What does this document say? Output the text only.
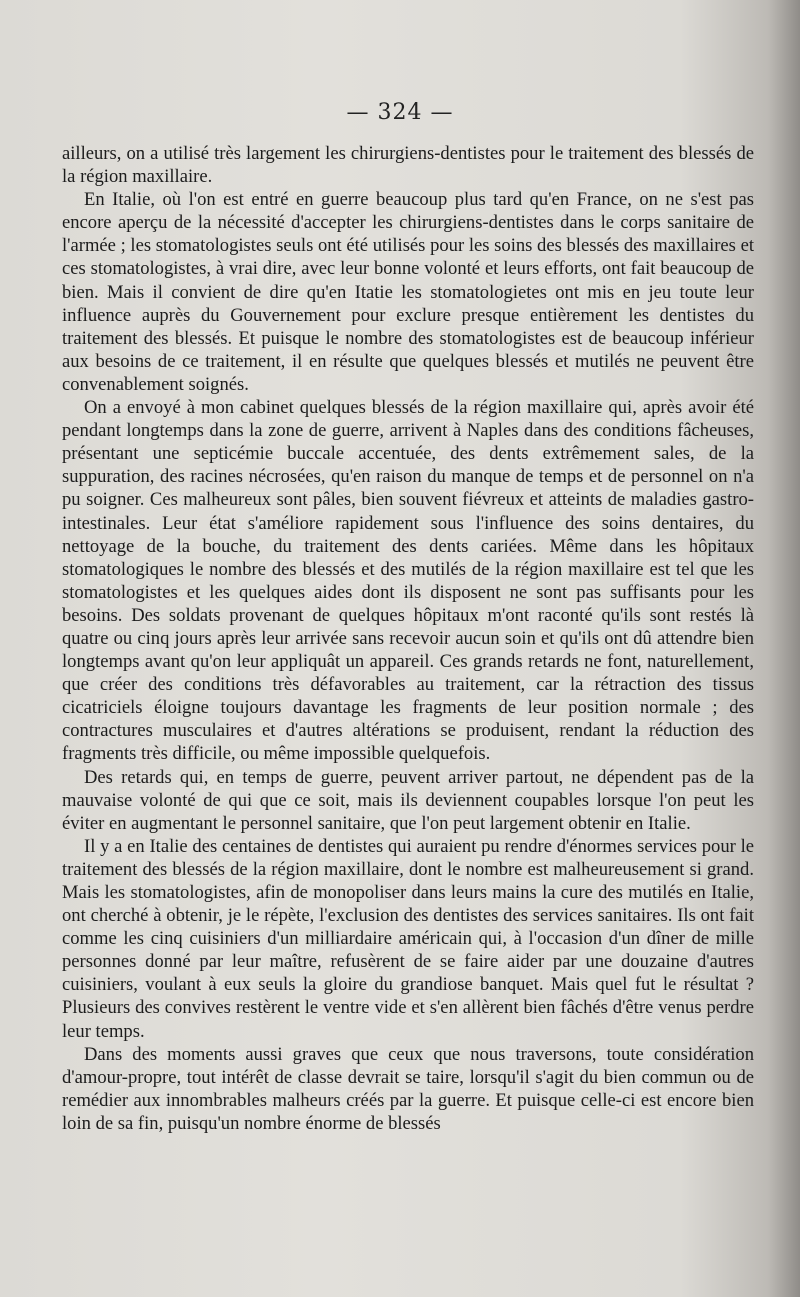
— 324 —

ailleurs, on a utilisé très largement les chirurgiens-dentistes pour le traitement des blessés de la région maxillaire.

En Italie, où l'on est entré en guerre beaucoup plus tard qu'en France, on ne s'est pas encore aperçu de la nécessité d'accepter les chirurgiens-dentistes dans le corps sanitaire de l'armée ; les stomatologistes seuls ont été utilisés pour les soins des blessés des maxillaires et ces stomatologistes, à vrai dire, avec leur bonne volonté et leurs efforts, ont fait beaucoup de bien. Mais il convient de dire qu'en Itatie les stomatologietes ont mis en jeu toute leur influence auprès du Gouvernement pour exclure presque entièrement les dentistes du traitement des blessés. Et puisque le nombre des stomatologistes est de beaucoup inférieur aux besoins de ce traitement, il en résulte que quelques blessés et mutilés ne peuvent être convenablement soignés.

On a envoyé à mon cabinet quelques blessés de la région maxillaire qui, après avoir été pendant longtemps dans la zone de guerre, arrivent à Naples dans des conditions fâcheuses, présentant une septicémie buccale accentuée, des dents extrêmement sales, de la suppuration, des racines nécrosées, qu'en raison du manque de temps et de personnel on n'a pu soigner. Ces malheureux sont pâles, bien souvent fiévreux et atteints de maladies gastro-intestinales. Leur état s'améliore rapidement sous l'influence des soins dentaires, du nettoyage de la bouche, du traitement des dents cariées. Même dans les hôpitaux stomatologiques le nombre des blessés et des mutilés de la région maxillaire est tel que les stomatologistes et les quelques aides dont ils disposent ne sont pas suffisants pour les besoins. Des soldats provenant de quelques hôpitaux m'ont raconté qu'ils sont restés là quatre ou cinq jours après leur arrivée sans recevoir aucun soin et qu'ils ont dû attendre bien longtemps avant qu'on leur appliquât un appareil. Ces grands retards ne font, naturellement, que créer des conditions très défavorables au traitement, car la rétraction des tissus cicatriciels éloigne toujours davantage les fragments de leur position normale ; des contractures musculaires et d'autres altérations se produisent, rendant la réduction des fragments très difficile, ou même impossible quelquefois.

Des retards qui, en temps de guerre, peuvent arriver partout, ne dépendent pas de la mauvaise volonté de qui que ce soit, mais ils deviennent coupables lorsque l'on peut les éviter en augmentant le personnel sanitaire, que l'on peut largement obtenir en Italie.

Il y a en Italie des centaines de dentistes qui auraient pu rendre d'énormes services pour le traitement des blessés de la région maxillaire, dont le nombre est malheureusement si grand. Mais les stomatologistes, afin de monopoliser dans leurs mains la cure des mutilés en Italie, ont cherché à obtenir, je le répète, l'exclusion des dentistes des services sanitaires. Ils ont fait comme les cinq cuisiniers d'un milliardaire américain qui, à l'occasion d'un dîner de mille personnes donné par leur maître, refusèrent de se faire aider par une douzaine d'autres cuisiniers, voulant à eux seuls la gloire du grandiose banquet. Mais quel fut le résultat ? Plusieurs des convives restèrent le ventre vide et s'en allèrent bien fâchés d'être venus perdre leur temps.

Dans des moments aussi graves que ceux que nous traversons, toute considération d'amour-propre, tout intérêt de classe devrait se taire, lorsqu'il s'agit du bien commun ou de remédier aux innombrables malheurs créés par la guerre. Et puisque celle-ci est encore bien loin de sa fin, puisqu'un nombre énorme de blessés
